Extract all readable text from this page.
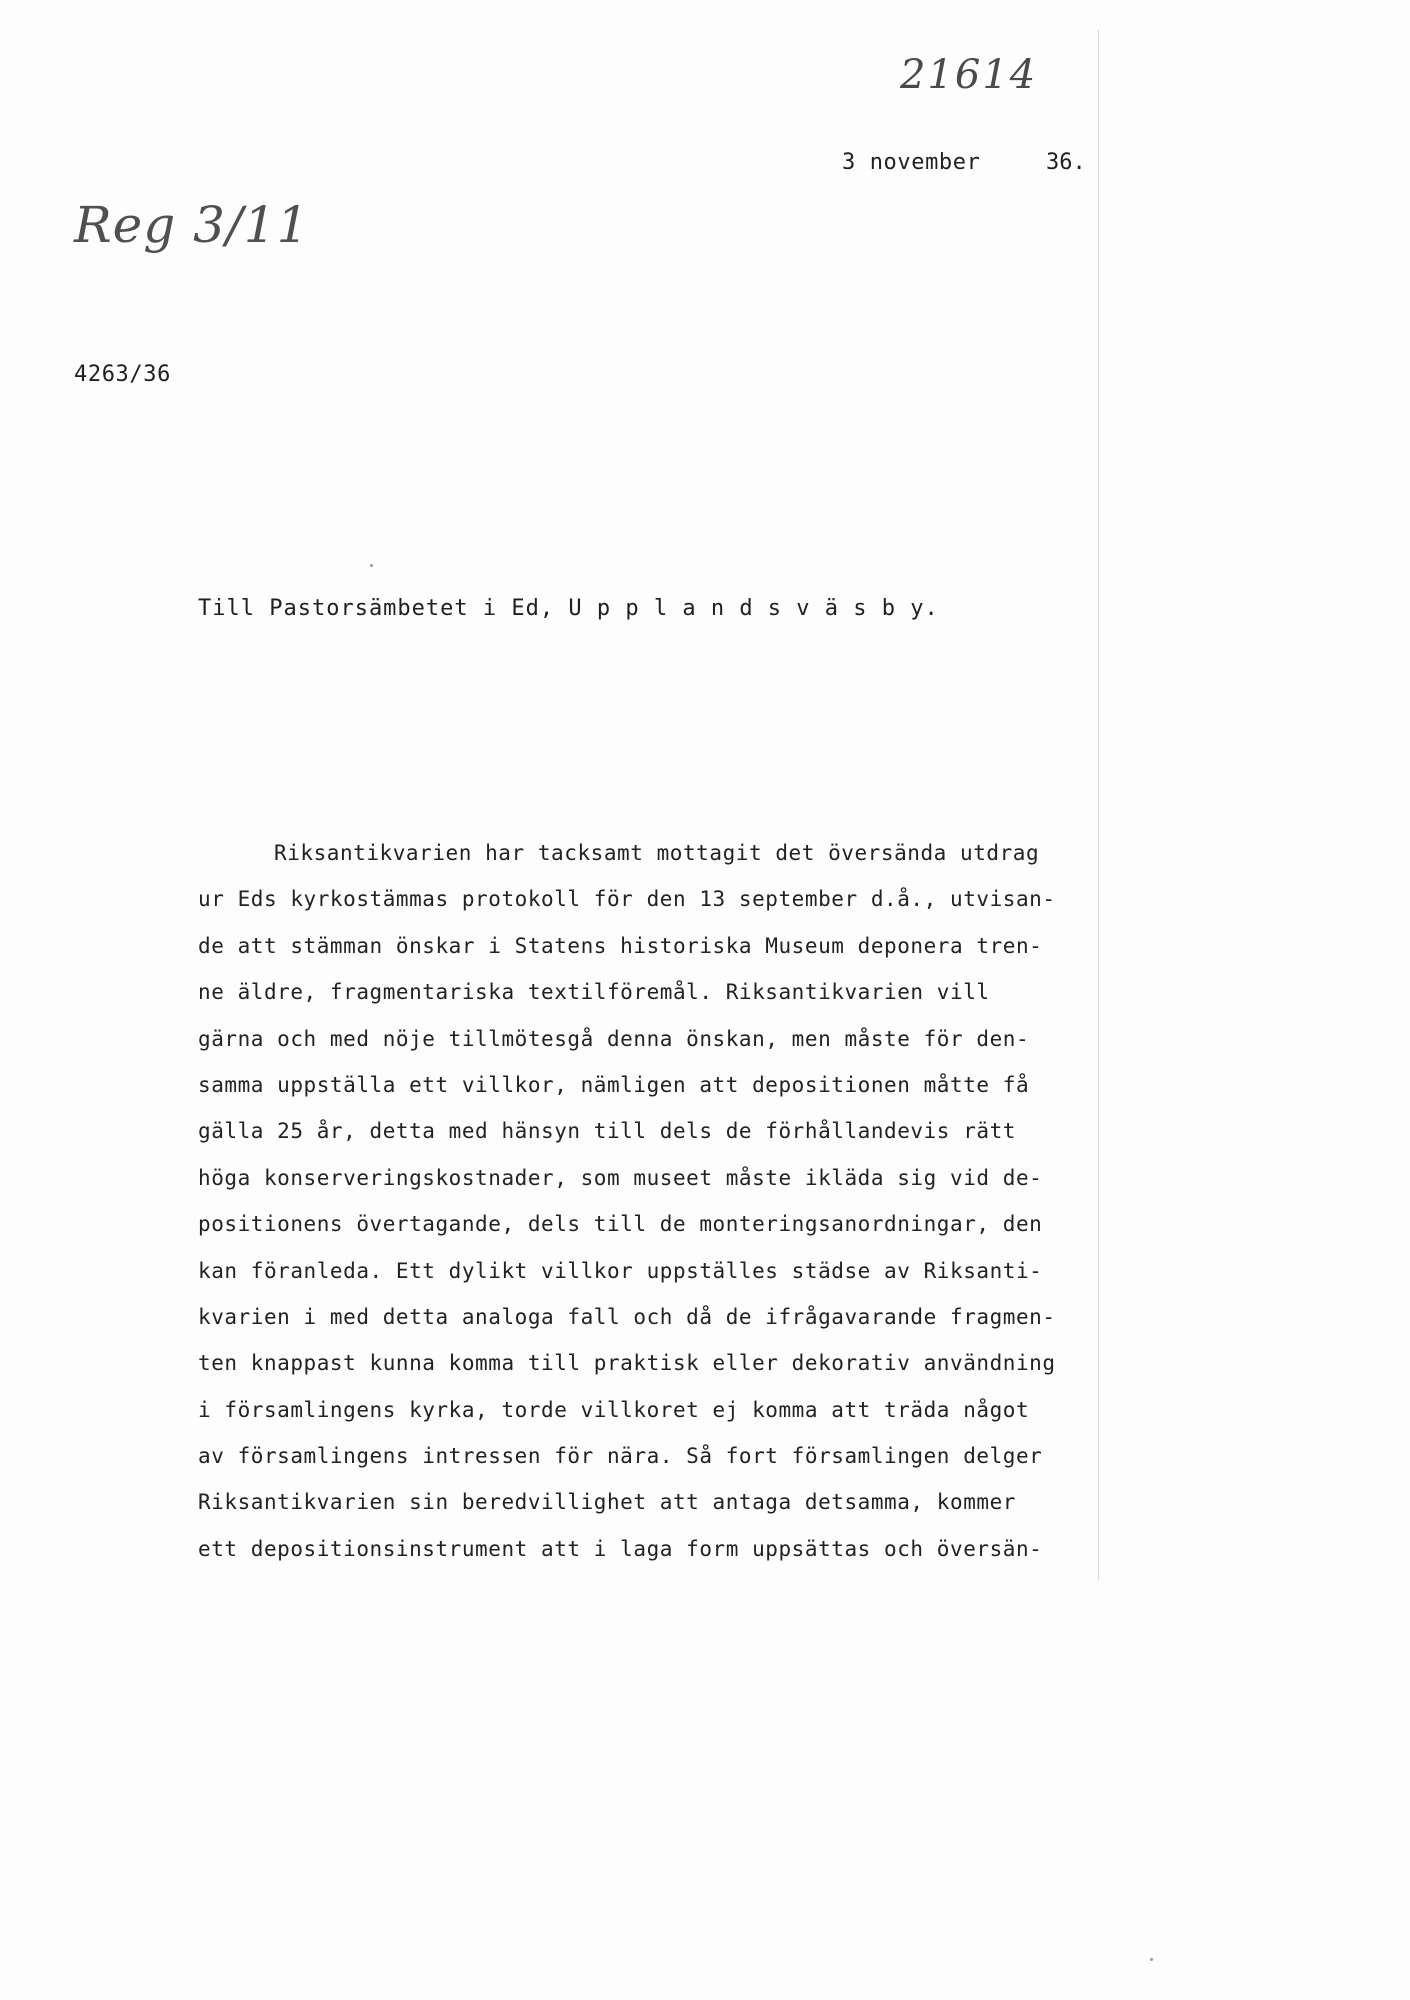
21614
Reg 3/11
3 november	36.
4263/36
Till Pastorsämbetet i Ed, U p p l a n d s v ä s b y.
Riksantikvarien har tacksamt mottagit det översända utdrag
ur Eds kyrkostämmas protokoll för den 13 september d.å., utvisan-
de att stämman önskar i Statens historiska Museum deponera tren-
ne äldre, fragmentariska textilföremål. Riksantikvarien vill
gärna och med nöje tillmötesgå denna önskan, men måste för den-
samma uppställa ett villkor, nämligen att depositionen måtte få
gälla 25 år, detta med hänsyn till dels de förhållandevis rätt
höga konserveringskostnader, som museet måste ikläda sig vid de-
positionens övertagande, dels till de monteringsanordningar, den
kan föranleda. Ett dylikt villkor uppställes städse av Riksanti-
kvarien i med detta analoga fall och då de ifrågavarande fragmen-
ten knappast kunna komma till praktisk eller dekorativ användning
i församlingens kyrka, torde villkoret ej komma att träda något
av församlingens intressen för nära. Så fort församlingen delger
Riksantikvarien sin beredvillighet att antaga detsamma, kommer
ett depositionsinstrument att i laga form uppsättas och översän-
